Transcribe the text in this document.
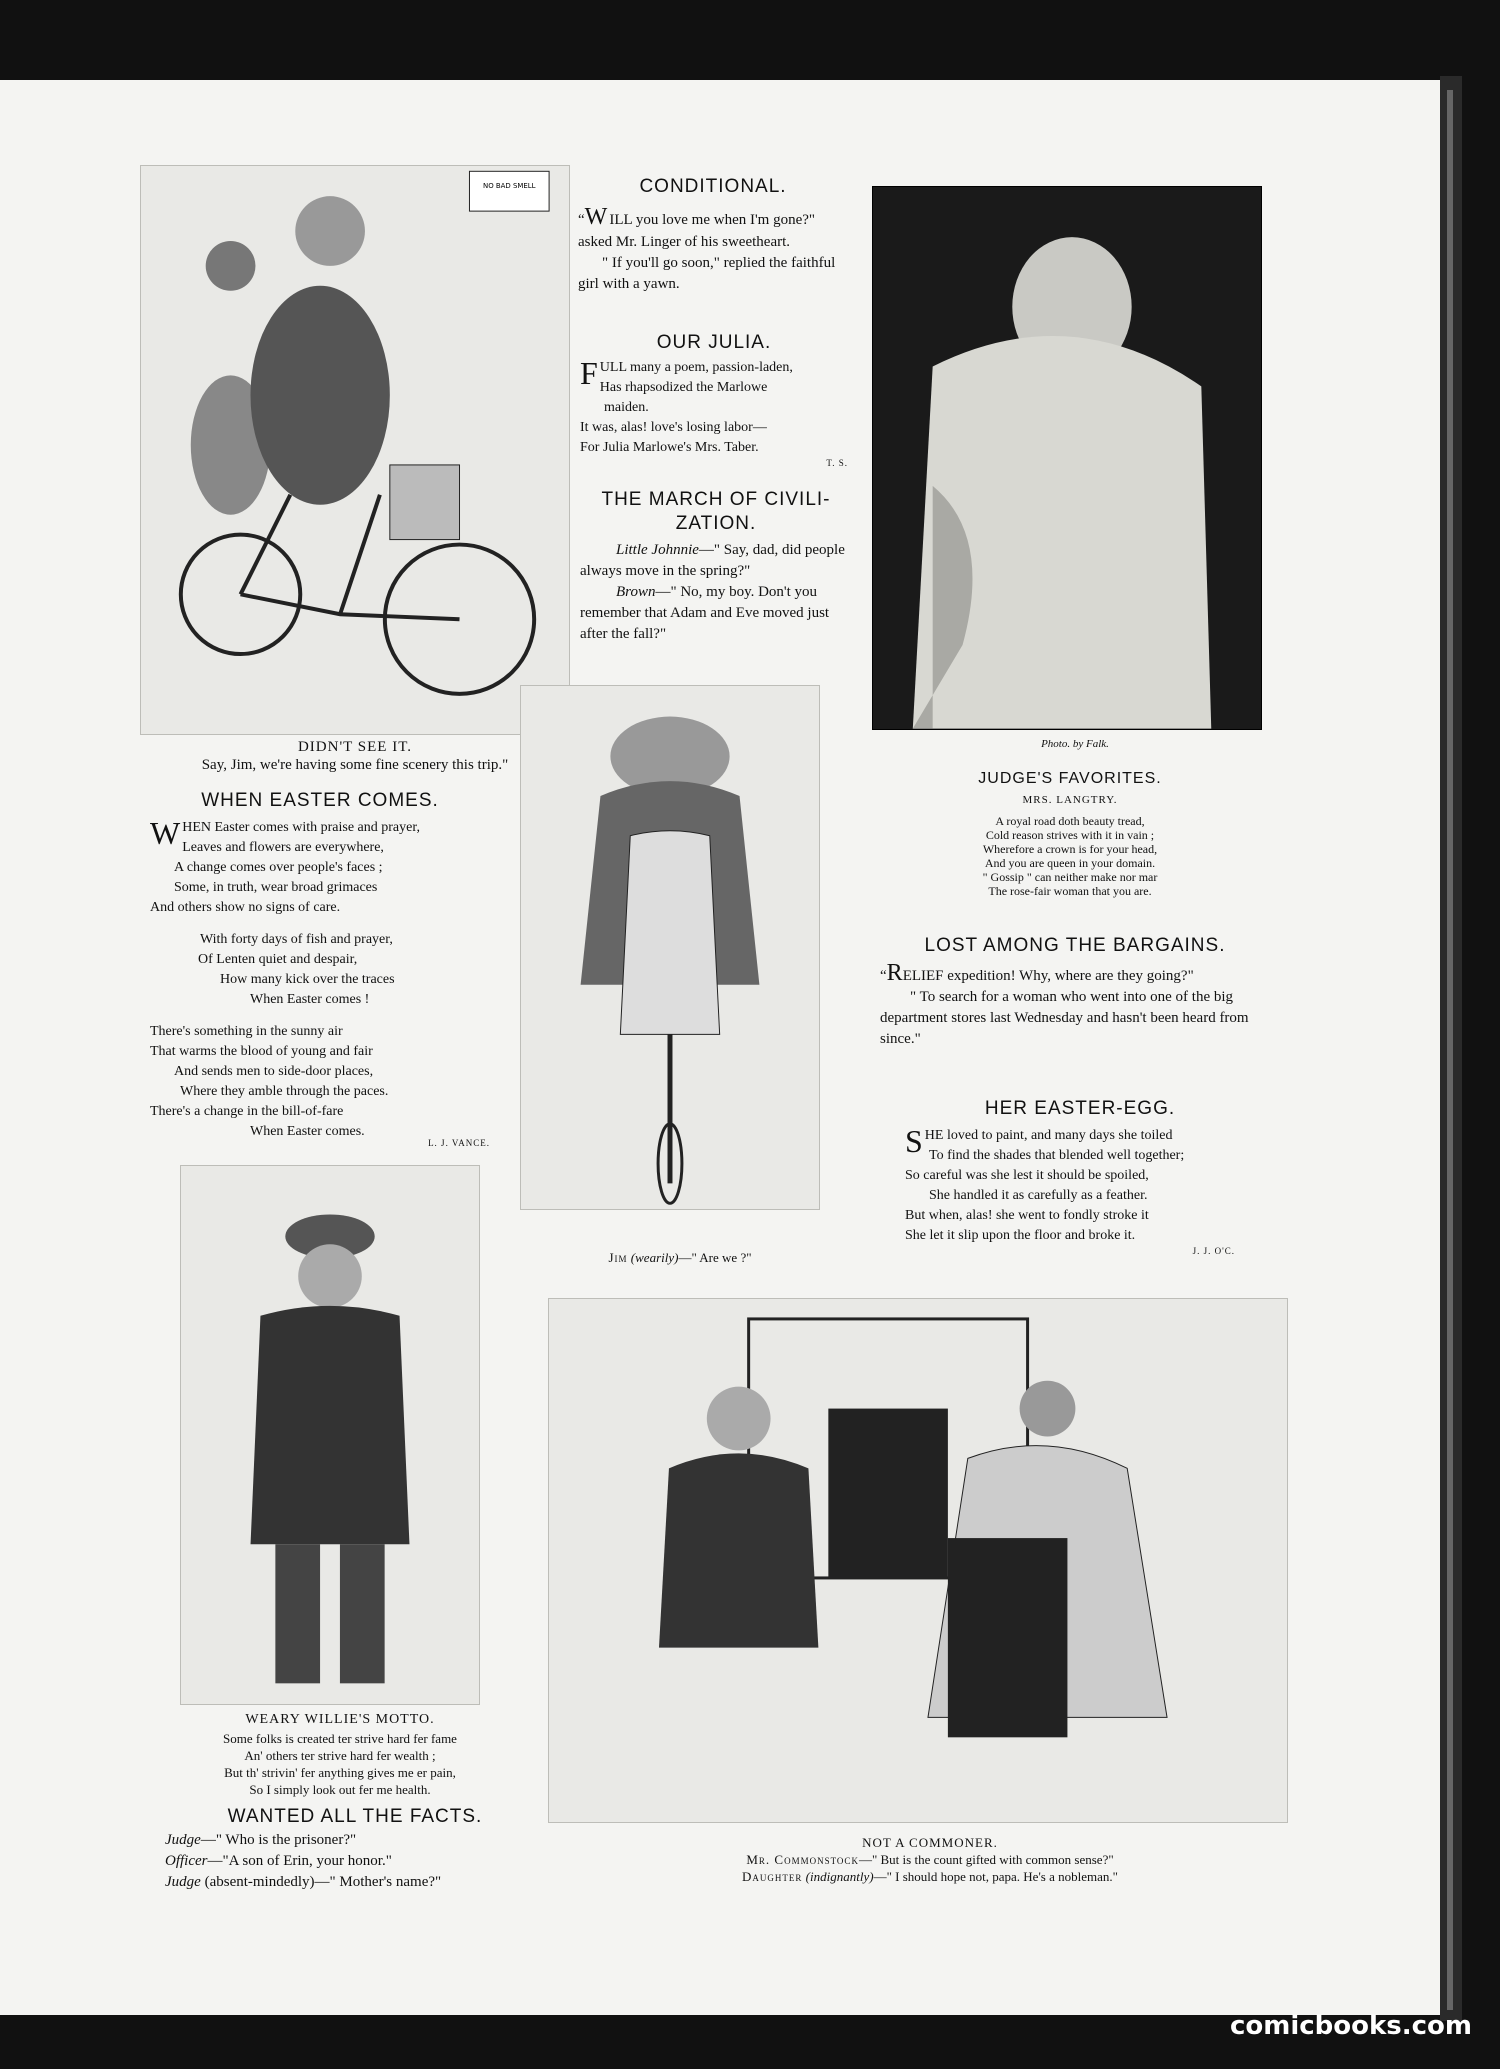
NO BAD SMELL	CONDITIONAL.

“W ILL you love me when I'm gone?" asked Mr. Linger of his sweetheart.

" If you'll go soon," replied the faithful girl with a yawn.

OUR JULIA.
F ULL many a poem, passion-laden,
Has rhapsodized the Marlowe
maiden.
It was, alas! love's losing labor—
For Julia Marlowe's Mrs. Taber.
T. S.
THE MARCH OF CIVILI-ZATION.

Little Johnnie—" Say, dad, did people always move in the spring?"

Brown—" No, my boy. Don't you remember that Adam and Eve moved just after the fall?"

Photo. by Falk.
DIDN'T SEE IT.
Say, Jim, we're having some fine scenery this trip."
WHEN EASTER COMES.
W HEN Easter comes with praise and prayer,
Leaves and flowers are everywhere,
A change comes over people's faces ;
Some, in truth, wear broad grimaces
And others show no signs of care.
With forty days of fish and prayer,
Of Lenten quiet and despair,
How many kick over the traces
When Easter comes !
There's something in the sunny air
That warms the blood of young and fair
And sends men to side-door places,
Where they amble through the paces.
There's a change in the bill-of-fare
When Easter comes.
L. J. VANCE.
Jim (wearily)—" Are we ?"
JUDGE'S FAVORITES.
MRS. LANGTRY.
A royal road doth beauty tread,
Cold reason strives with it in vain ;
Wherefore a crown is for your head,
And you are queen in your domain.
" Gossip " can neither make nor mar
The rose-fair woman that you are.
LOST AMONG THE BARGAINS.

“RELIEF expedition! Why, where are they going?"

" To search for a woman who went into one of the big department stores last Wednesday and hasn't been heard from since."

HER EASTER-EGG.
S HE loved to paint, and many days she toiled
To find the shades that blended well together;
So careful was she lest it should be spoiled,
She handled it as carefully as a feather.
But when, alas! she went to fondly stroke it
She let it slip upon the floor and broke it.
J. J. O'C.
WEARY WILLIE'S MOTTO.
Some folks is created ter strive hard fer fame
An' others ter strive hard fer wealth ;
But th' strivin' fer anything gives me er pain,
So I simply look out fer me health.
WANTED ALL THE FACTS.
Judge—" Who is the prisoner?"
Officer—"A son of Erin, your honor."
Judge (absent-mindedly)—" Mother's name?"
NOT A COMMONER.
Mr. Commonstock—" But is the count gifted with common sense?"
Daughter (indignantly)—" I should hope not, papa. He's a nobleman."
comicbooks.com
